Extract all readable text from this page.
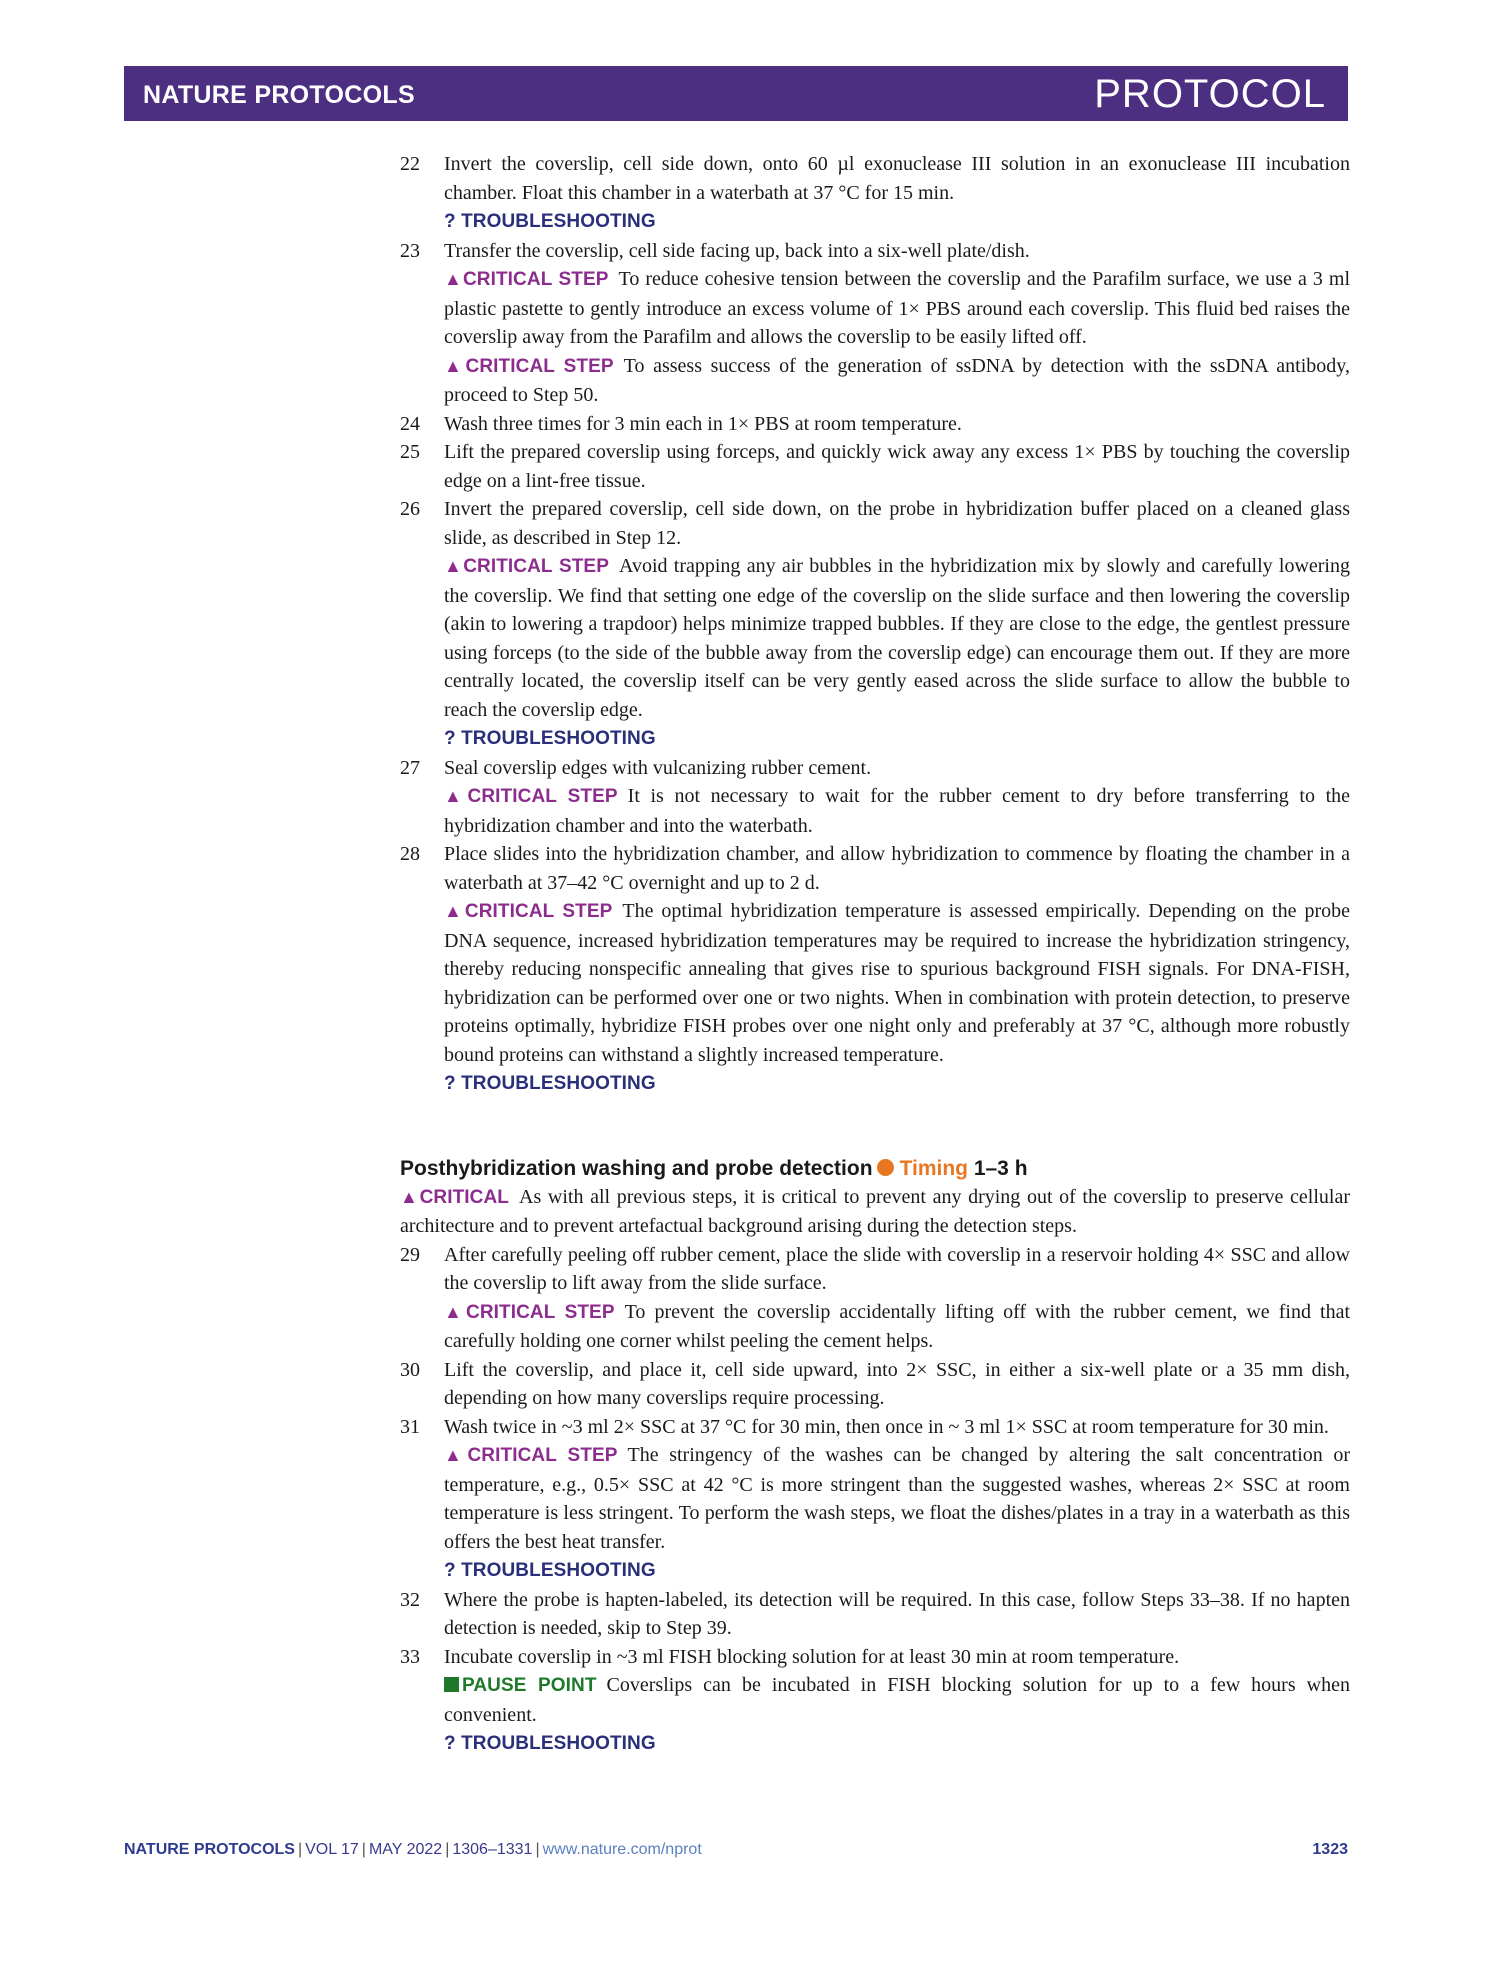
NATURE PROTOCOLS	PROTOCOL
22 Invert the coverslip, cell side down, onto 60 µl exonuclease III solution in an exonuclease III incubation chamber. Float this chamber in a waterbath at 37 °C for 15 min.
? TROUBLESHOOTING
23 Transfer the coverslip, cell side facing up, back into a six-well plate/dish.
▲CRITICAL STEP To reduce cohesive tension between the coverslip and the Parafilm surface, we use a 3 ml plastic pastette to gently introduce an excess volume of 1× PBS around each coverslip. This fluid bed raises the coverslip away from the Parafilm and allows the coverslip to be easily lifted off.
▲CRITICAL STEP To assess success of the generation of ssDNA by detection with the ssDNA antibody, proceed to Step 50.
24 Wash three times for 3 min each in 1× PBS at room temperature.
25 Lift the prepared coverslip using forceps, and quickly wick away any excess 1× PBS by touching the coverslip edge on a lint-free tissue.
26 Invert the prepared coverslip, cell side down, on the probe in hybridization buffer placed on a cleaned glass slide, as described in Step 12.
▲CRITICAL STEP Avoid trapping any air bubbles in the hybridization mix by slowly and carefully lowering the coverslip. We find that setting one edge of the coverslip on the slide surface and then lowering the coverslip (akin to lowering a trapdoor) helps minimize trapped bubbles. If they are close to the edge, the gentlest pressure using forceps (to the side of the bubble away from the coverslip edge) can encourage them out. If they are more centrally located, the coverslip itself can be very gently eased across the slide surface to allow the bubble to reach the coverslip edge.
? TROUBLESHOOTING
27 Seal coverslip edges with vulcanizing rubber cement.
▲CRITICAL STEP It is not necessary to wait for the rubber cement to dry before transferring to the hybridization chamber and into the waterbath.
28 Place slides into the hybridization chamber, and allow hybridization to commence by floating the chamber in a waterbath at 37–42 °C overnight and up to 2 d.
▲CRITICAL STEP The optimal hybridization temperature is assessed empirically. Depending on the probe DNA sequence, increased hybridization temperatures may be required to increase the hybridization stringency, thereby reducing nonspecific annealing that gives rise to spurious background FISH signals. For DNA-FISH, hybridization can be performed over one or two nights. When in combination with protein detection, to preserve proteins optimally, hybridize FISH probes over one night only and preferably at 37 °C, although more robustly bound proteins can withstand a slightly increased temperature.
? TROUBLESHOOTING
Posthybridization washing and probe detection Timing 1–3 h
▲CRITICAL As with all previous steps, it is critical to prevent any drying out of the coverslip to preserve cellular architecture and to prevent artefactual background arising during the detection steps.
29 After carefully peeling off rubber cement, place the slide with coverslip in a reservoir holding 4× SSC and allow the coverslip to lift away from the slide surface.
▲CRITICAL STEP To prevent the coverslip accidentally lifting off with the rubber cement, we find that carefully holding one corner whilst peeling the cement helps.
30 Lift the coverslip, and place it, cell side upward, into 2× SSC, in either a six-well plate or a 35 mm dish, depending on how many coverslips require processing.
31 Wash twice in ~3 ml 2× SSC at 37 °C for 30 min, then once in ~ 3 ml 1× SSC at room temperature for 30 min.
▲CRITICAL STEP The stringency of the washes can be changed by altering the salt concentration or temperature, e.g., 0.5× SSC at 42 °C is more stringent than the suggested washes, whereas 2× SSC at room temperature is less stringent. To perform the wash steps, we float the dishes/plates in a tray in a waterbath as this offers the best heat transfer.
? TROUBLESHOOTING
32 Where the probe is hapten-labeled, its detection will be required. In this case, follow Steps 33–38. If no hapten detection is needed, skip to Step 39.
33 Incubate coverslip in ~3 ml FISH blocking solution for at least 30 min at room temperature.
PAUSE POINT Coverslips can be incubated in FISH blocking solution for up to a few hours when convenient.
? TROUBLESHOOTING
NATURE PROTOCOLS | VOL 17 | MAY 2022 | 1306–1331 | www.nature.com/nprot	1323
